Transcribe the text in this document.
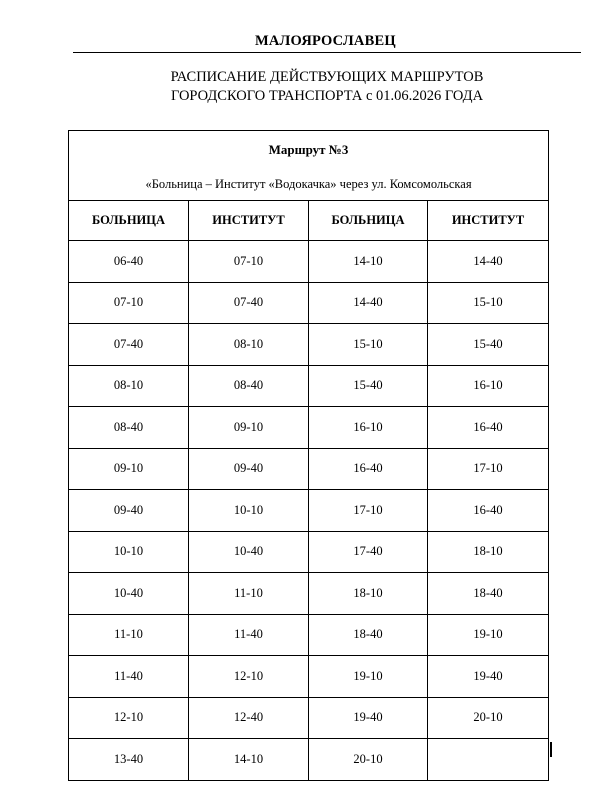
МАЛОЯРОСЛАВЕЦ
РАСПИСАНИЕ ДЕЙСТВУЮЩИХ МАРШРУТОВ
ГОРОДСКОГО ТРАНСПОРТА с 01.06.2026 ГОДА
Маршрут №3
«Больница – Институт «Водокачка» через ул. Комсомольская			

БОЛЬНИЦА	ИНСТИТУТ	БОЛЬНИЦА	ИНСТИТУТ
06-40	07-10	14-10	14-40
07-10	07-40	14-40	15-10
07-40	08-10	15-10	15-40
08-10	08-40	15-40	16-10
08-40	09-10	16-10	16-40
09-10	09-40	16-40	17-10
09-40	10-10	17-10	16-40
10-10	10-40	17-40	18-10
10-40	11-10	18-10	18-40
11-10	11-40	18-40	19-10
11-40	12-10	19-10	19-40
12-10	12-40	19-40	20-10
13-40	14-10	20-10	
